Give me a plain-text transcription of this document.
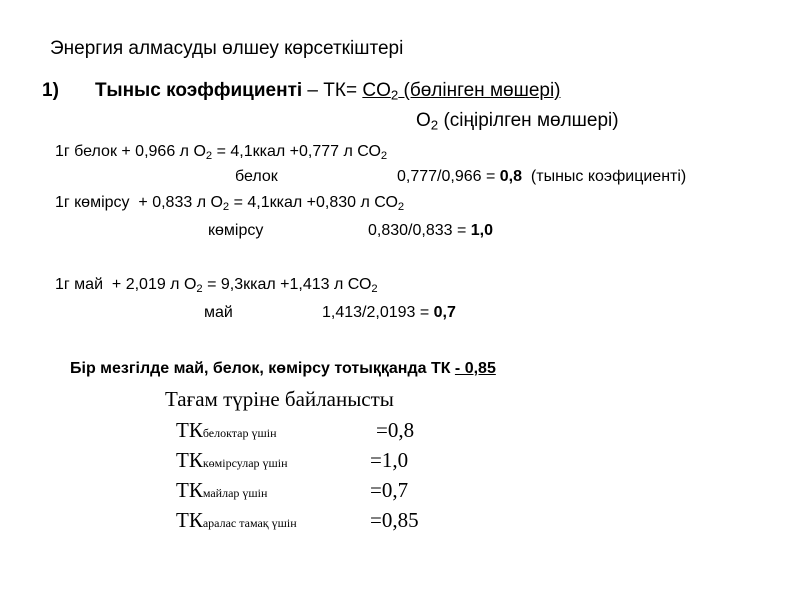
Энергия алмасуды өлшеу көрсеткіштері
1) Тыныс коэффициенті – $ТК= CO_2$ (бөлінген мөшері)
$O_2$ (сіңірілген мөлшері)
1г белок + 0,966 л $О_2$ = 4,1ккал +0,777 л $СО_2$
белок	0,777/0,966 = 0,8 (тыныс коэфициенті)
1г көмірсу  + 0,833 л $О_2$ = 4,1ккал +0,830 л $СО_2$
көмірсу	0,830/0,833 = 1,0
1г май  + 2,019 л $О_2$ = 9,3ккал +1,413 л $СО_2$
май	1,413/2,0193 = 0,7
Бір мезгілде май, белок, көмірсу тотыққанда ТК - 0,85
Тағам түріне байланысты
ТКбелоктар үшін	=0,8
ТКкөмірсулар үшін	=1,0
ТКмайлар үшін	=0,7
ТКаралас тамақ үшін	=0,85
